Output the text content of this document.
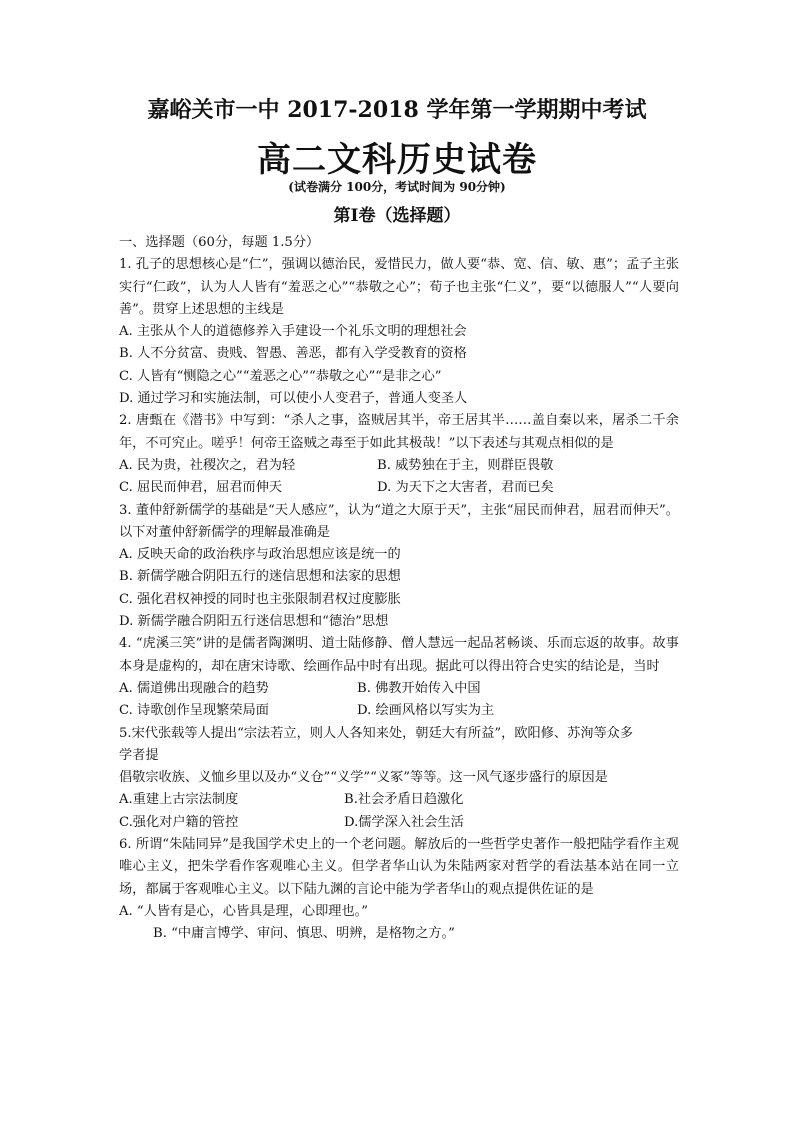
嘉峪关市一中 2017-2018 学年第一学期期中考试
高二文科历史试卷
(试卷满分 100分，考试时间为 90分钟)
第Ⅰ卷（选择题）
一、选择题（60分，每题 1.5分）
1. 孔子的思想核心是“仁”，强调以德治民，爱惜民力，做人要“恭、宽、信、敏、惠”；孟子主张实行“仁政”，认为人人皆有“羞恶之心”“恭敬之心”；荀子也主张“仁义”，要“以德服人”“人要向善”。贯穿上述思想的主线是
A. 主张从个人的道德修养入手建设一个礼乐文明的理想社会
B. 人不分贫富、贵贱、智愚、善恶，都有入学受教育的资格
C. 人皆有“恻隐之心”“羞恶之心”“恭敬之心”“是非之心”
D. 通过学习和实施法制，可以使小人变君子，普通人变圣人
2. 唐甄在《潜书》中写到：“杀人之事，盗贼居其半，帝王居其半……盖自秦以来，屠杀二千余年，不可究止。嗟乎！何帝王盗贼之毒至于如此其极哉！”以下表述与其观点相似的是
A. 民为贵，社稷次之，君为轻	B. 威势独在于主，则群臣畏敬
C. 屈民而伸君，屈君而伸天	D. 为天下之大害者，君而已矣
3. 董仲舒新儒学的基础是“天人感应”，认为“道之大原于天”，主张“屈民而伸君，屈君而伸天”。以下对董仲舒新儒学的理解最准确是
A. 反映天命的政治秩序与政治思想应该是统一的
B. 新儒学融合阴阳五行的迷信思想和法家的思想
C. 强化君权神授的同时也主张限制君权过度膨胀
D. 新儒学融合阴阳五行迷信思想和“德治”思想
4. “虎溪三笑”讲的是儒者陶渊明、道士陆修静、僧人慧远一起品茗畅谈、乐而忘返的故事。故事本身是虚构的，却在唐宋诗歌、绘画作品中时有出现。据此可以得出符合史实的结论是，当时
A. 儒道佛出现融合的趋势	B. 佛教开始传入中国
C. 诗歌创作呈现繁荣局面	D. 绘画风格以写实为主
5.宋代张载等人提出“宗法若立，则人人各知来处，朝廷大有所益”，欧阳修、苏洵等众多
学者提
倡敬宗收族、义恤乡里以及办“义仓”“义学”“义冢”等等。这一风气逐步盛行的原因是
A.重建上古宗法制度	B.社会矛盾日趋激化
C.强化对户籍的管控	D.儒学深入社会生活
6. 所谓“朱陆同异”是我国学术史上的一个老问题。解放后的一些哲学史著作一般把陆学看作主观唯心主义，把朱学看作客观唯心主义。但学者华山认为朱陆两家对哲学的看法基本站在同一立场，都属于客观唯心主义。以下陆九渊的言论中能为学者华山的观点提供佐证的是
A. “人皆有是心，心皆具是理，心即理也。”
B. “中庸言博学、审问、慎思、明辨，是格物之方。”
